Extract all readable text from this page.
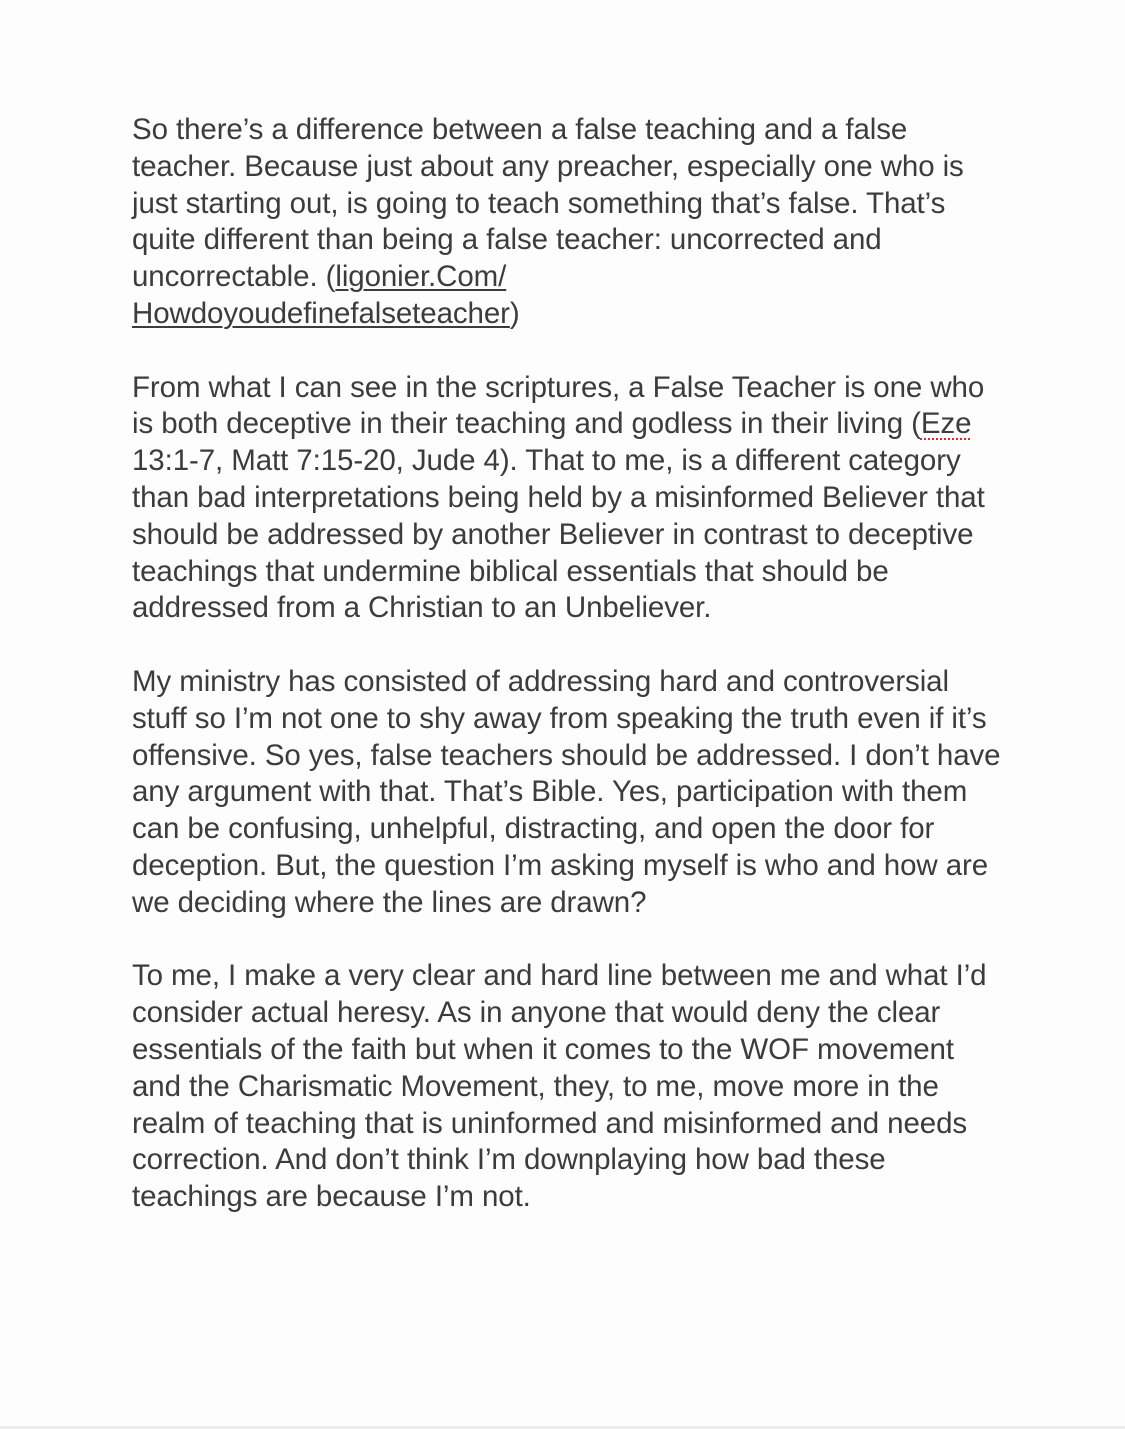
So there’s a difference between a false teaching and a false teacher. Because just about any preacher, especially one who is just starting out, is going to teach something that’s false. That’s quite different than being a false teacher: uncorrected and uncorrectable. (ligonier.Com/
Howdoyoudefinefalseteacher)

From what I can see in the scriptures, a False Teacher is one who is both deceptive in their teaching and godless in their living (Eze 13:1-7, Matt 7:15-20, Jude 4). That to me, is a different category than bad interpretations being held by a misinformed Believer that should be addressed by another Believer in contrast to deceptive teachings that undermine biblical essentials that should be addressed from a Christian to an Unbeliever.

My ministry has consisted of addressing hard and controversial stuff so I’m not one to shy away from speaking the truth even if it’s offensive. So yes, false teachers should be addressed. I don’t have any argument with that. That’s Bible. Yes, participation with them can be confusing, unhelpful, distracting, and open the door for deception. But, the question I’m asking myself is who and how are we deciding where the lines are drawn?

To me, I make a very clear and hard line between me and what I’d consider actual heresy. As in anyone that would deny the clear essentials of the faith but when it comes to the WOF movement and the Charismatic Movement, they, to me, move more in the realm of teaching that is uninformed and misinformed and needs correction. And don’t think I’m downplaying how bad these teachings are because I’m not.
